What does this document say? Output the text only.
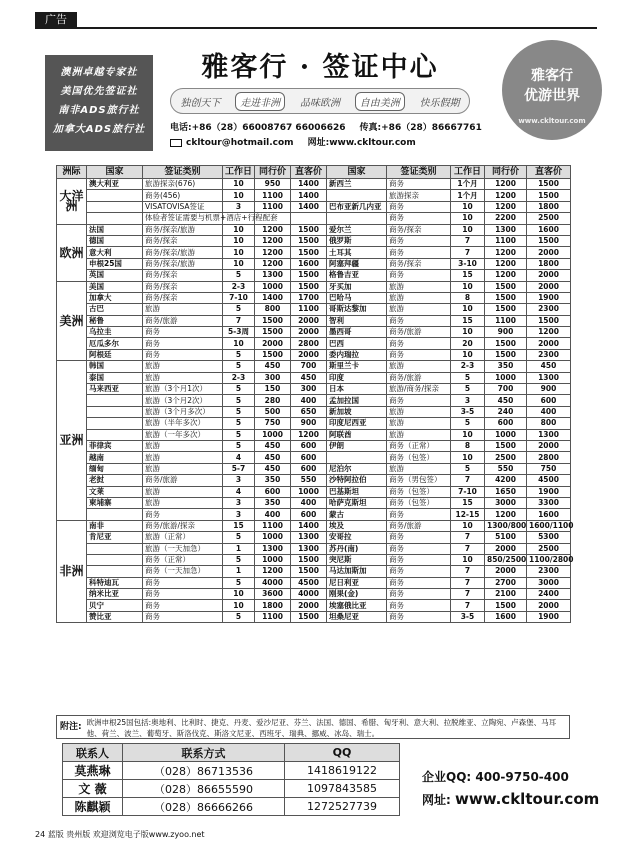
广告
澳洲卓越专家社
美国优先签证社
南非ADS旅行社
加拿大ADS旅行社
雅客行 · 签证中心
独创天下	走进非洲	品味欧洲	自由美洲	快乐假期
电话:+86（28）66008767 66006626 传真:+86（28）86667761
ckltour@hotmail.com 网址:www.ckltour.com
雅客行
优游世界
www.ckltour.com
洲际	国家	签证类别	工作日	同行价	直客价	国家	签证类别	工作日	同行价	直客价
大洋洲	澳大利亚	旅游探亲(676)	10	950	1400	新西兰	商务	1个月	1200	1500
		商务(456)	10	1100	1400		旅游探亲	1个月	1200	1500
		VISATOVISA签证	3	1100	1400	巴布亚新几内亚	商务	10	1200	1800
		体验者签证需要与机票+酒店+行程配套					商务	10	2200	2500
欧洲	法国	商务/探亲/旅游	10	1200	1500	爱尔兰	商务/探亲	10	1300	1600
	德国	商务/探亲	10	1200	1500	俄罗斯	商务	7	1100	1500
	意大利	商务/探亲/旅游	10	1200	1500	土耳其	商务	7	1200	2000
	申根25国	商务/探亲/旅游	10	1200	1600	阿塞拜疆	商务/探亲	3-10	1200	1800
	英国	商务/探亲	5	1300	1500	格鲁吉亚	商务	15	1200	2000
美洲	美国	商务/探亲	2-3	1000	1500	牙买加	旅游	10	1500	2000
	加拿大	商务/探亲	7-10	1400	1700	巴哈马	旅游	8	1500	1900
	古巴	旅游	5	800	1100	哥斯达黎加	旅游	10	1500	2300
	秘鲁	商务/旅游	7	1500	2000	智利	商务	15	1100	1500
	乌拉圭	商务	5-3周	1500	2000	墨西哥	商务/旅游	10	900	1200
	厄瓜多尔	商务	10	2000	2800	巴西	商务	20	1500	2000
	阿根廷	商务	5	1500	2000	委内瑞拉	商务	10	1500	2300
亚洲	韩国	旅游	5	450	700	斯里兰卡	旅游	2-3	350	450
	泰国	旅游	2-3	300	450	印度	商务/旅游	5	1000	1300
	马来西亚	旅游（3个月1次）	5	150	300	日本	旅游/商务/探亲	5	700	900
		旅游（3个月2次）	5	280	400	孟加拉国	商务	3	450	600
		旅游（3个月多次）	5	500	650	新加坡	旅游	3-5	240	400
		旅游（半年多次）	5	750	900	印度尼西亚	旅游	5	600	800
		旅游（一年多次）	5	1000	1200	阿联酋	旅游	10	1000	1300
	菲律宾	旅游	5	450	600	伊朗	商务（正常）	8	1500	2000
	越南	旅游	4	450	600		商务（包签）	10	2500	2800
	缅甸	旅游	5-7	450	600	尼泊尔	旅游	5	550	750
	老挝	商务/旅游	3	350	550	沙特阿拉伯	商务（男包签）	7	4200	4500
	文莱	旅游	4	600	1000	巴基斯坦	商务（包签）	7-10	1650	1900
	柬埔寨	旅游	3	350	400	哈萨克斯坦	商务（包签）	15	3000	3300
		商务	3	400	600	蒙古	商务	12-15	1200	1600
非洲	南非	商务/旅游/探亲	15	1100	1400	埃及	商务/旅游	10	1300/800	1600/1100
	肯尼亚	旅游（正常）	5	1000	1300	安哥拉	商务	7	5100	5300
		旅游（一天加急）	1	1300	1300	苏丹(南)	商务	7	2000	2500
		商务（正常）	5	1000	1500	突尼斯	商务	10	850/2500	1100/2800
		商务（一天加急）	1	1200	1500	马达加斯加	商务	7	2000	2300
	科特迪瓦	商务	5	4000	4500	尼日利亚	商务	7	2700	3000
	纳米比亚	商务	10	3600	4000	刚果(金)	商务	7	2100	2400
	贝宁	商务	10	1800	2000	埃塞俄比亚	商务	7	1500	2000
	赞比亚	商务	5	1100	1500	坦桑尼亚	商务	3-5	1600	1900
附注: 欧洲申根25国包括:奥地利、比利时、捷克、丹麦、爱沙尼亚、芬兰、法国、德国、希腊、匈牙利、意大利、拉脱维亚、立陶宛、卢森堡、马耳他、荷兰、波兰、葡萄牙、斯洛伐克、斯洛文尼亚、西班牙、瑞典、挪威、冰岛、瑞士。
联系人	联系方式	QQ
莫燕琳	（028）86713536	1418619122
文 薇	（028）86655590	1097843585
陈麒颖	（028）86666266	1272527739
企业QQ: 400-9750-400
网址: www.ckltour.com
24 蓝版 贵州版 欢迎浏览电子版www.zyoo.net
